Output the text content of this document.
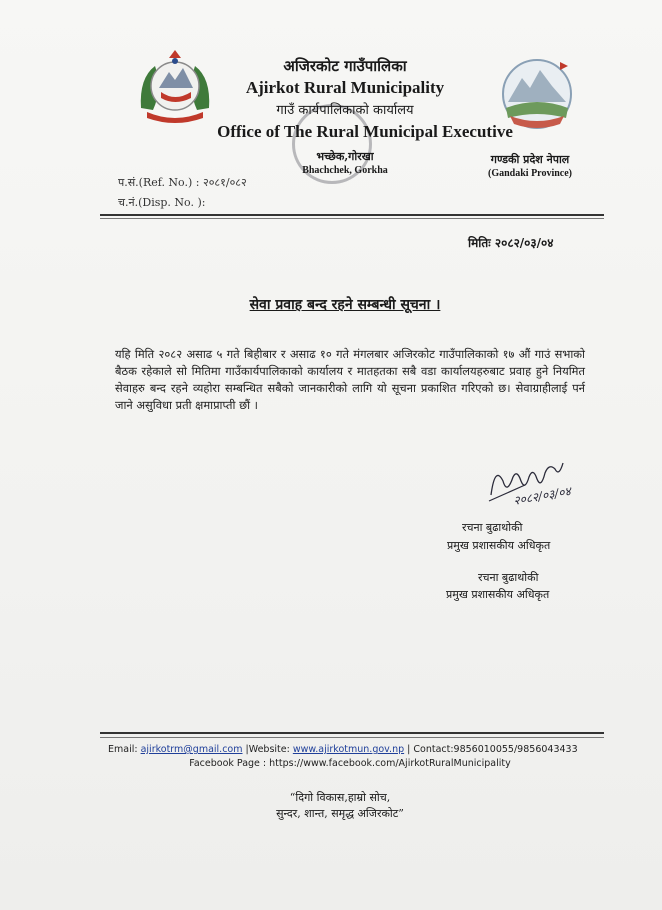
अजिरकोट गाउँपालिका
Ajirkot Rural Municipality
गाउँ कार्यपालिकाको कार्यालय
Office of The Rural Municipal Executive
भच्छेक,गोरखा
Bhachchek, Gorkha
गण्डकी प्रदेश नेपाल
(Gandaki Province)
प.सं.(Ref. No.) : २०८१/०८२
च.नं.(Disp. No. ):
मितिः २०८२/०३/०४
सेवा प्रवाह बन्द रहने सम्बन्धी सूचना ।
यहि मिति २०८२ असाढ ५ गते बिहीबार र असाढ १० गते मंगलबार अजिरकोट गाउँपालिकाको १७ औं गाउं सभाको बैठक रहेकाले सो मितिमा गाउँकार्यपालिकाको कार्यालय र मातहतका सबै वडा कार्यालयहरुबाट प्रवाह हुने नियमित सेवाहरु बन्द रहने व्यहोरा सम्बन्धित सबैको जानकारीको लागि यो सूचना प्रकाशित गरिएको छ। सेवाग्राहीलाई पर्न जाने असुविधा प्रती क्षमाप्राप्ती छौं ।
२०८२/०३/०४
रचना बुढाथोकी
प्रमुख प्रशासकीय अधिकृत
रचना बुढाथोकी
प्रमुख प्रशासकीय अधिकृत
Email: ajirkotrm@gmail.com |Website: www.ajirkotmun.gov.np | Contact:9856010055/9856043433
Facebook Page : https://www.facebook.com/AjirkotRuralMunicipality
“दिगो विकास,हाम्रो सोच,
सुन्दर, शान्त, समृद्ध अजिरकोट”
